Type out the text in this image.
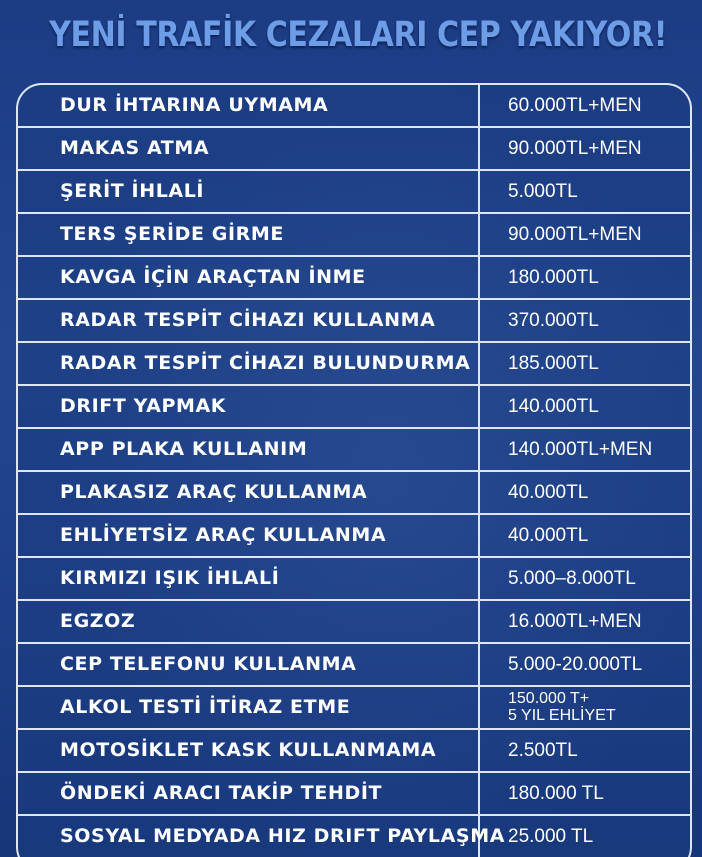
YENİ TRAFİK CEZALARI CEP YAKIYOR!
DUR İHTARINA UYMAMA	60.000TL+MEN
MAKAS ATMA	90.000TL+MEN
ŞERİT İHLALİ	5.000TL
TERS ŞERİDE GİRME	90.000TL+MEN
KAVGA İÇİN ARAÇTAN İNME	180.000TL
RADAR TESPİT CİHAZI KULLANMA	370.000TL
RADAR TESPİT CİHAZI BULUNDURMA 185.000TL
DRIFT YAPMAK	140.000TL
APP PLAKA KULLANIM	140.000TL+MEN
PLAKASIZ ARAÇ KULLANMA	40.000TL
EHLİYETSİZ ARAÇ KULLANMA	40.000TL
KIRMIZI IŞIK İHLALİ	5.000–8.000TL
EGZOZ	16.000TL+MEN
CEP TELEFONU KULLANMA	5.000-20.000TL
ALKOL TESTİ İTİRAZ ETME	150.000 T+
5 YIL EHLİYET
MOTOSİKLET KASK KULLANMAMA	2.500TL
ÖNDEKİ ARACI TAKİP TEHDİT	180.000 TL
SOSYAL MEDYADA HIZ DRIFT PAYLAŞMA 25.000 TL
